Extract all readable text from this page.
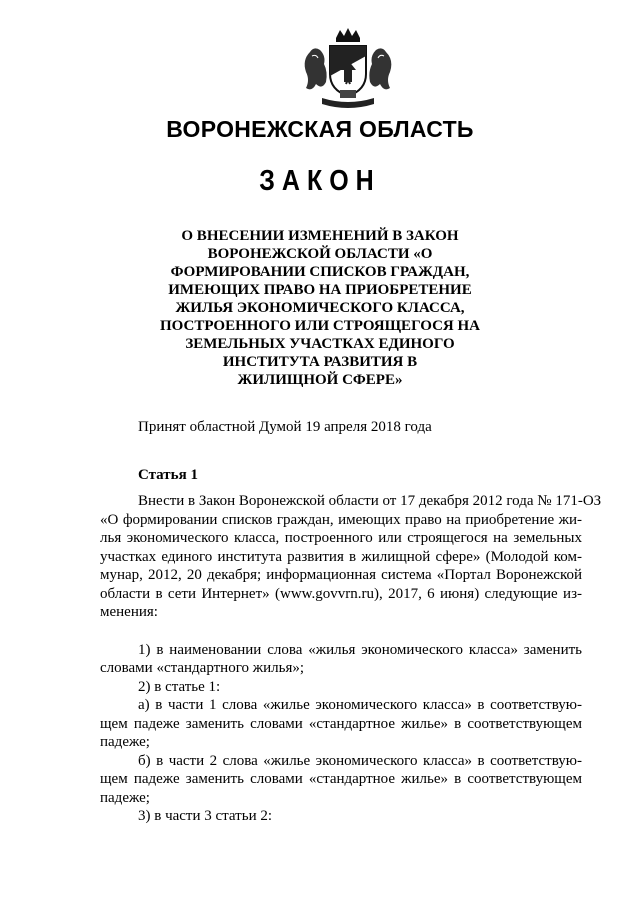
ВОРОНЕЖСКАЯ ОБЛАСТЬ
ЗАКОН
О ВНЕСЕНИИ ИЗМЕНЕНИЙ В ЗАКОН
ВОРОНЕЖСКОЙ ОБЛАСТИ «О
ФОРМИРОВАНИИ СПИСКОВ ГРАЖДАН,
ИМЕЮЩИХ ПРАВО НА ПРИОБРЕТЕНИЕ
ЖИЛЬЯ ЭКОНОМИЧЕСКОГО КЛАССА,
ПОСТРОЕННОГО ИЛИ СТРОЯЩЕГОСЯ НА
ЗЕМЕЛЬНЫХ УЧАСТКАХ ЕДИНОГО
ИНСТИТУТА РАЗВИТИЯ В
ЖИЛИЩНОЙ СФЕРЕ»
Принят областной Думой 19 апреля 2018 года
Статья 1
Внести в Закон Воронежской области от 17 декабря 2012 года № 171-ОЗ
«О формировании списков граждан, имеющих право на приобретение жи-
лья экономического класса, построенного или строящегося на земельных
участках единого института развития в жилищной сфере» (Молодой ком-
мунар, 2012, 20 декабря; информационная система «Портал Воронежской
области в сети Интернет» (www.govvrn.ru), 2017, 6 июня) следующие из-
менения:
1) в наименовании слова «жилья экономического класса» заменить
словами «стандартного жилья»;
2) в статье 1:
а) в части 1 слова «жилье экономического класса» в соответствую-
щем падеже заменить словами «стандартное жилье» в соответствующем
падеже;
б) в части 2 слова «жилье экономического класса» в соответствую-
щем падеже заменить словами «стандартное жилье» в соответствующем
падеже;
3) в части 3 статьи 2:
